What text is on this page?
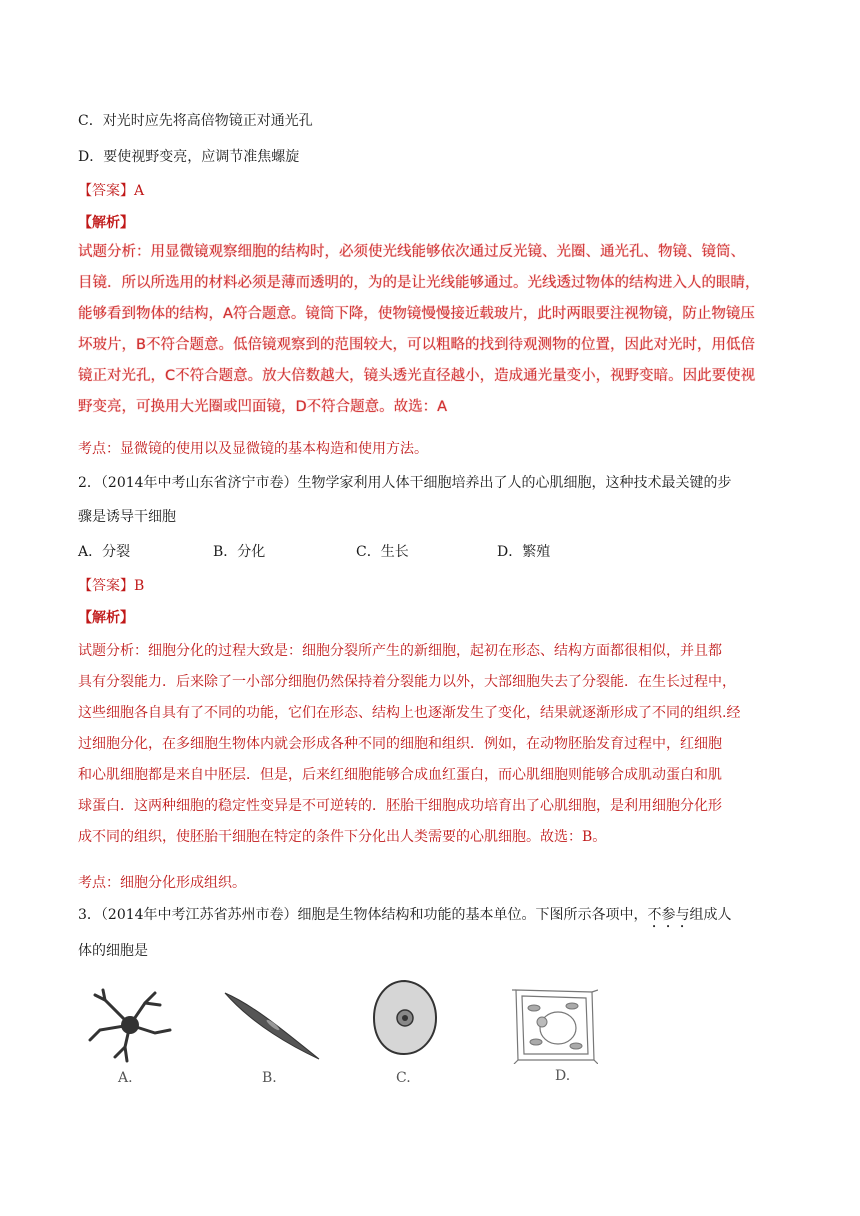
C．对光时应先将高倍物镜正对通光孔
D．要使视野变亮，应调节准焦螺旋
【答案】A
【解析】
试题分析：用显微镜观察细胞的结构时，必须使光线能够依次通过反光镜、光圈、通光孔、物镜、镜筒、
目镜．所以所选用的材料必须是薄而透明的，为的是让光线能够通过。光线透过物体的结构进入人的眼睛，
能够看到物体的结构，A符合题意。镜筒下降，使物镜慢慢接近载玻片，此时两眼要注视物镜，防止物镜压
坏玻片，B不符合题意。低倍镜观察到的范围较大，可以粗略的找到待观测物的位置，因此对光时，用低倍
镜正对光孔，C不符合题意。放大倍数越大，镜头透光直径越小，造成通光量变小，视野变暗。因此要使视
野变亮，可换用大光圈或凹面镜，D不符合题意。故选：A
考点：显微镜的使用以及显微镜的基本构造和使用方法。
2．（2014年中考山东省济宁市卷）生物学家利用人体干细胞培养出了人的心肌细胞，这种技术最关键的步
骤是诱导干细胞
A．分裂	B．分化	C．生长	D．繁殖
【答案】B
【解析】
试题分析：细胞分化的过程大致是：细胞分裂所产生的新细胞，起初在形态、结构方面都很相似，并且都
具有分裂能力．后来除了一小部分细胞仍然保持着分裂能力以外，大部细胞失去了分裂能．在生长过程中，
这些细胞各自具有了不同的功能，它们在形态、结构上也逐渐发生了变化，结果就逐渐形成了不同的组织.经
过细胞分化，在多细胞生物体内就会形成各种不同的细胞和组织．例如，在动物胚胎发育过程中，红细胞
和心肌细胞都是来自中胚层．但是，后来红细胞能够合成血红蛋白，而心肌细胞则能够合成肌动蛋白和肌
球蛋白．这两种细胞的稳定性变异是不可逆转的．胚胎干细胞成功培育出了心肌细胞，是利用细胞分化形
成不同的组织，使胚胎干细胞在特定的条件下分化出人类需要的心肌细胞。故选：B。
考点：细胞分化形成组织。
3．（2014年中考江苏省苏州市卷）细胞是生物体结构和功能的基本单位。下图所示各项中，不参与组成人
体的细胞是
A.	B.	C.	D.
